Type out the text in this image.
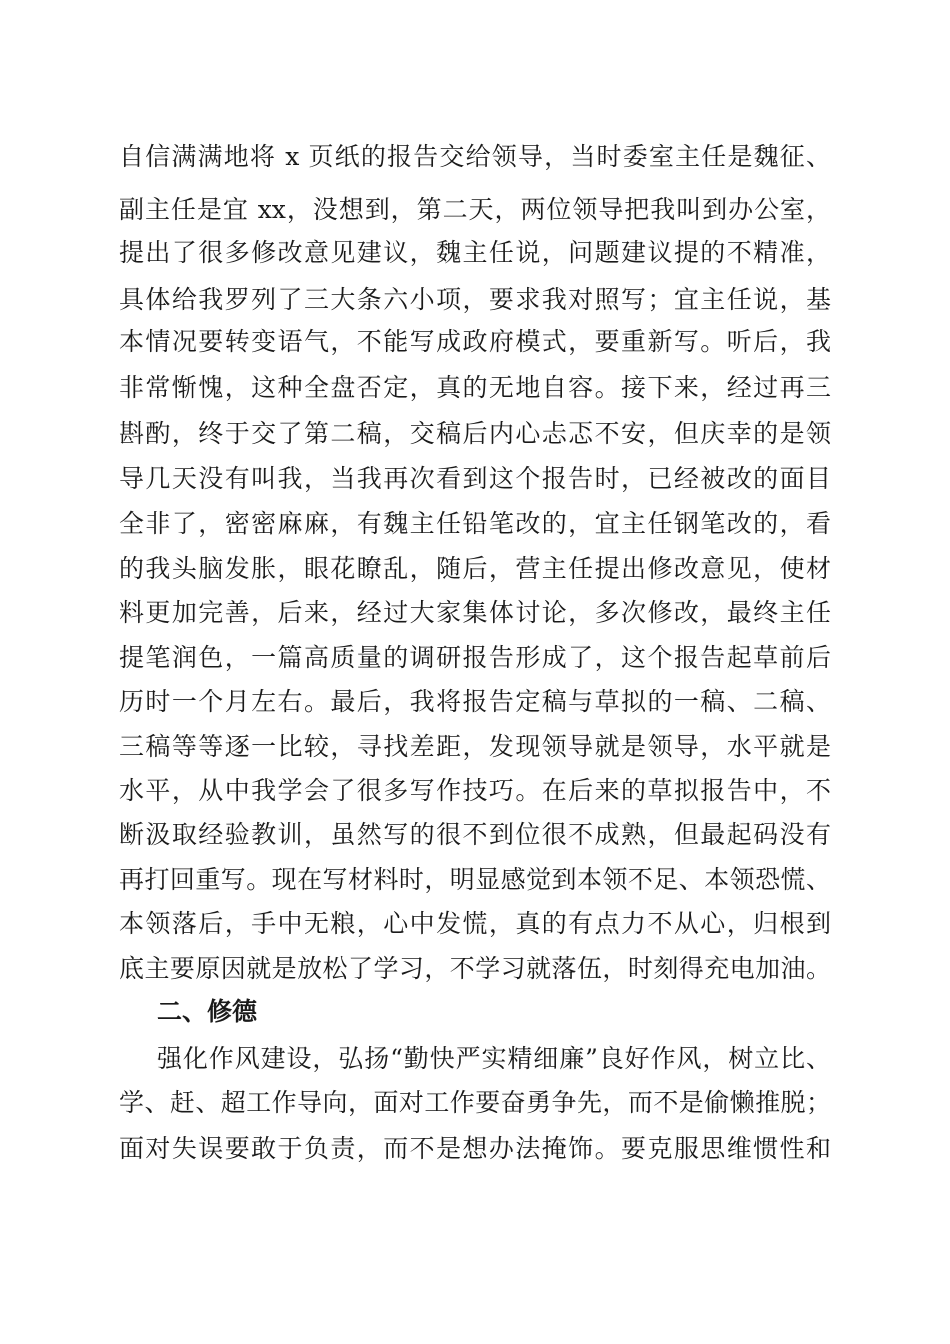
自信满满地将 x 页纸的报告交给领导，当时委室主任是魏征、
副主任是宜 xx，没想到，第二天，两位领导把我叫到办公室，
提出了很多修改意见建议，魏主任说，问题建议提的不精准，
具体给我罗列了三大条六小项，要求我对照写；宜主任说，基
本情况要转变语气，不能写成政府模式，要重新写。听后，我
非常惭愧，这种全盘否定，真的无地自容。接下来，经过再三
斟酌，终于交了第二稿，交稿后内心忐忑不安，但庆幸的是领
导几天没有叫我，当我再次看到这个报告时，已经被改的面目
全非了，密密麻麻，有魏主任铅笔改的，宜主任钢笔改的，看
的我头脑发胀，眼花瞭乱，随后，营主任提出修改意见，使材
料更加完善，后来，经过大家集体讨论，多次修改，最终主任
提笔润色，一篇高质量的调研报告形成了，这个报告起草前后
历时一个月左右。最后，我将报告定稿与草拟的一稿、二稿、
三稿等等逐一比较，寻找差距，发现领导就是领导，水平就是
水平，从中我学会了很多写作技巧。在后来的草拟报告中，不
断汲取经验教训，虽然写的很不到位很不成熟，但最起码没有
再打回重写。现在写材料时，明显感觉到本领不足、本领恐慌、
本领落后，手中无粮，心中发慌，真的有点力不从心，归根到
底主要原因就是放松了学习，不学习就落伍，时刻得充电加油。
二、修德
强化作风建设，弘扬“勤快严实精细廉”良好作风，树立比、
学、赶、超工作导向，面对工作要奋勇争先，而不是偷懒推脱；
面对失误要敢于负责，而不是想办法掩饰。要克服思维惯性和
